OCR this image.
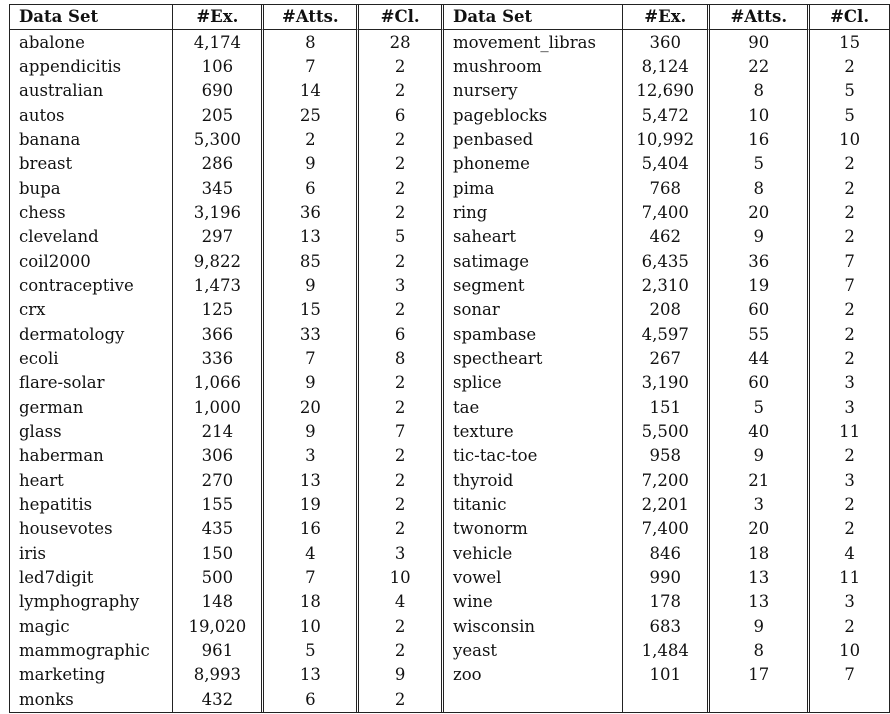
Data Set	#Ex.	#Atts.	#Cl.	Data Set	#Ex.	#Atts.	#Cl.
abalone	4,174	8	28	movement_libras	360	90	15
appendicitis	106	7	2	mushroom	8,124	22	2
australian	690	14	2	nursery	12,690	8	5
autos	205	25	6	pageblocks	5,472	10	5
banana	5,300	2	2	penbased	10,992	16	10
breast	286	9	2	phoneme	5,404	5	2
bupa	345	6	2	pima	768	8	2
chess	3,196	36	2	ring	7,400	20	2
cleveland	297	13	5	saheart	462	9	2
coil2000	9,822	85	2	satimage	6,435	36	7
contraceptive	1,473	9	3	segment	2,310	19	7
crx	125	15	2	sonar	208	60	2
dermatology	366	33	6	spambase	4,597	55	2
ecoli	336	7	8	spectheart	267	44	2
flare-solar	1,066	9	2	splice	3,190	60	3
german	1,000	20	2	tae	151	5	3
glass	214	9	7	texture	5,500	40	11
haberman	306	3	2	tic-tac-toe	958	9	2
heart	270	13	2	thyroid	7,200	21	3
hepatitis	155	19	2	titanic	2,201	3	2
housevotes	435	16	2	twonorm	7,400	20	2
iris	150	4	3	vehicle	846	18	4
led7digit	500	7	10	vowel	990	13	11
lymphography	148	18	4	wine	178	13	3
magic	19,020	10	2	wisconsin	683	9	2
mammographic	961	5	2	yeast	1,484	8	10
marketing	8,993	13	9	zoo	101	17	7
monks	432	6	2				
